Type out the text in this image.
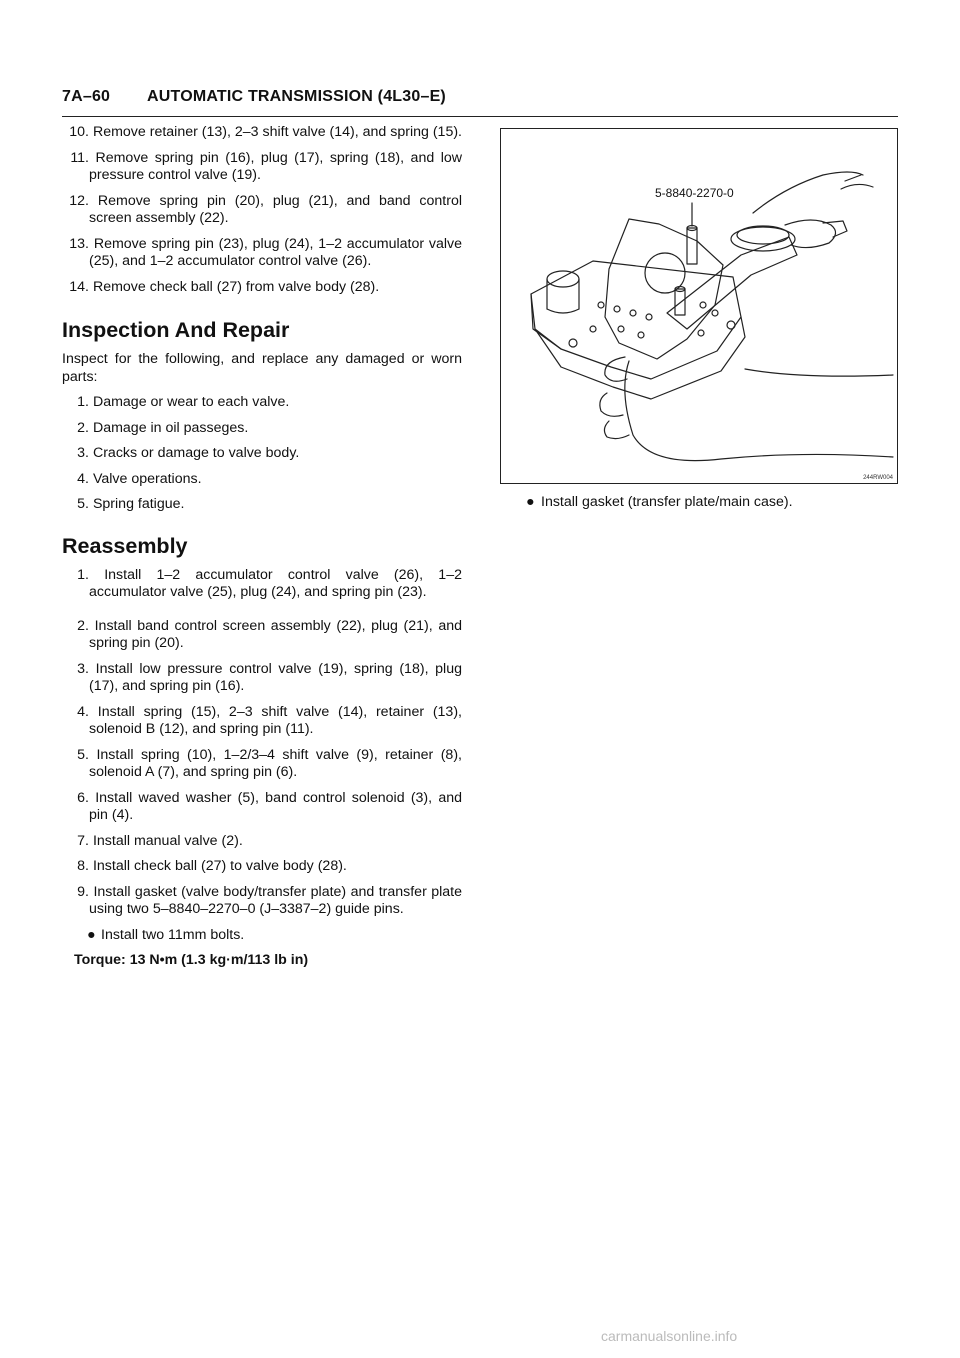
7A–60 AUTOMATIC TRANSMISSION (4L30–E)

10. Remove retainer (13), 2–3 shift valve (14), and spring (15).

11. Remove spring pin (16), plug (17), spring (18), and low pressure control valve (19).

12. Remove spring pin (20), plug (21), and band control screen assembly (22).

13. Remove spring pin (23), plug (24), 1–2 accumulator valve (25), and 1–2 accumulator control valve (26).

14. Remove check ball (27) from valve body (28).

Inspection And Repair

Inspect for the following, and replace any damaged or worn parts:

1. Damage or wear to each valve.

2. Damage in oil passeges.

3. Cracks or damage to valve body.

4. Valve operations.

5. Spring fatigue.

Reassembly

1. Install 1–2 accumulator control valve (26), 1–2 accumulator valve (25), plug (24), and spring pin (23).

2. Install band control screen assembly (22), plug (21), and spring pin (20).

3. Install low pressure control valve (19), spring (18), plug (17), and spring pin (16).

4. Install spring (15), 2–3 shift valve (14), retainer (13), solenoid B (12), and spring pin (11).

5. Install spring (10), 1–2/3–4 shift valve (9), retainer (8), solenoid A (7), and spring pin (6).

6. Install waved washer (5), band control solenoid (3), and pin (4).

7. Install manual valve (2).

8. Install check ball (27) to valve body (28).

9. Install gasket (valve body/transfer plate) and transfer plate using two 5–8840–2270–0 (J–3387–2) guide pins.

● Install two 11mm bolts.
Torque: 13 N•m (1.3 kg·m/113 lb in)
5-8840-2270-0
244RW004
● Install gasket (transfer plate/main case).
carmanualsonline.info
